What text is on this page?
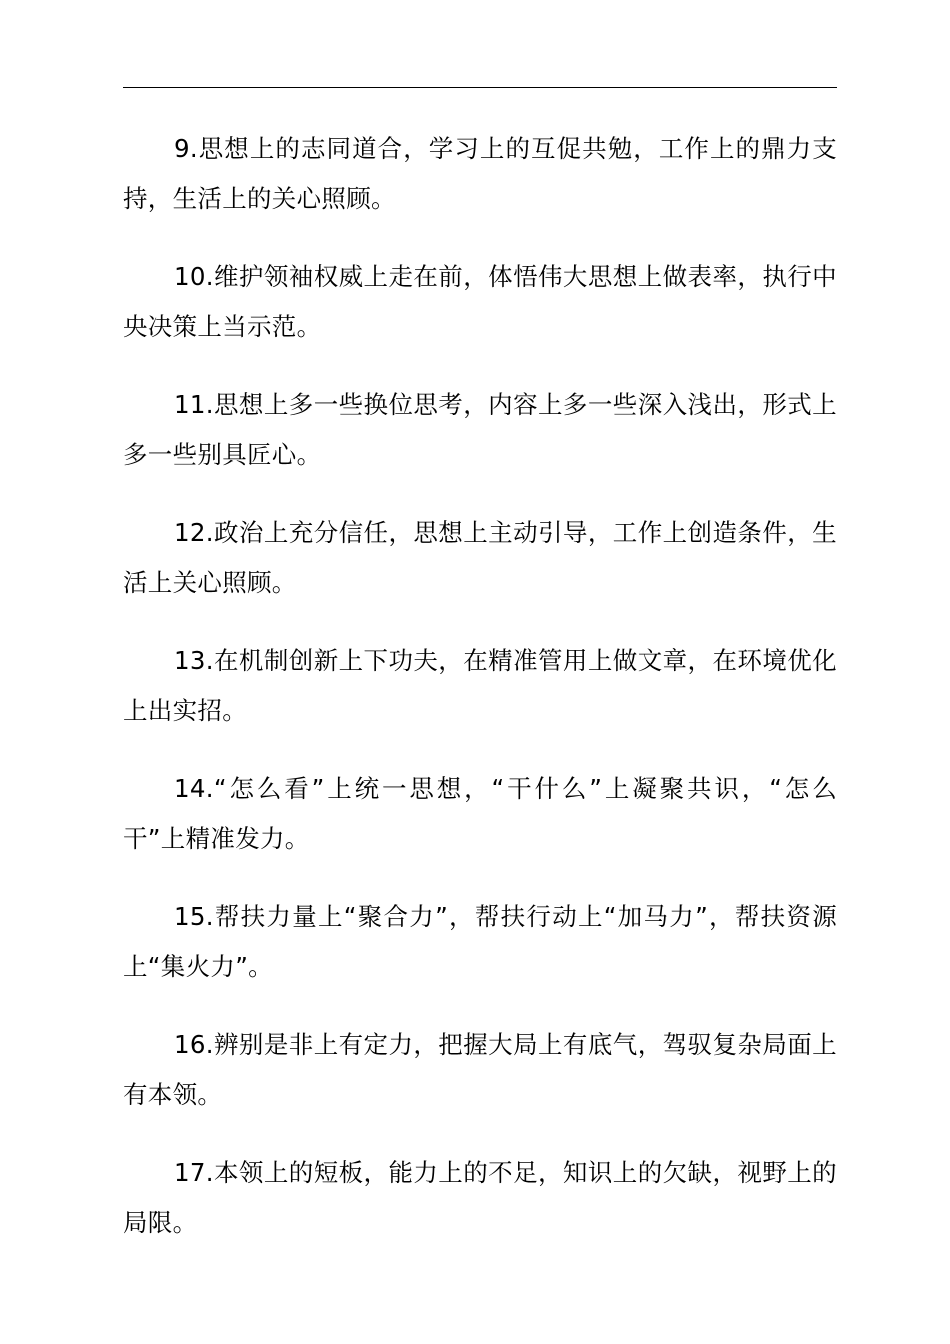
9.思想上的志同道合，学习上的互促共勉，工作上的鼎力支持，生活上的关心照顾。

10.维护领袖权威上走在前，体悟伟大思想上做表率，执行中央决策上当示范。

11.思想上多一些换位思考，内容上多一些深入浅出，形式上多一些别具匠心。

12.政治上充分信任，思想上主动引导，工作上创造条件，生活上关心照顾。

13.在机制创新上下功夫，在精准管用上做文章，在环境优化上出实招。

14.“怎么看”上统一思想，“干什么”上凝聚共识，“怎么干”上精准发力。

15.帮扶力量上“聚合力”，帮扶行动上“加马力”，帮扶资源上“集火力”。

16.辨别是非上有定力，把握大局上有底气，驾驭复杂局面上有本领。

17.本领上的短板，能力上的不足，知识上的欠缺，视野上的局限。
